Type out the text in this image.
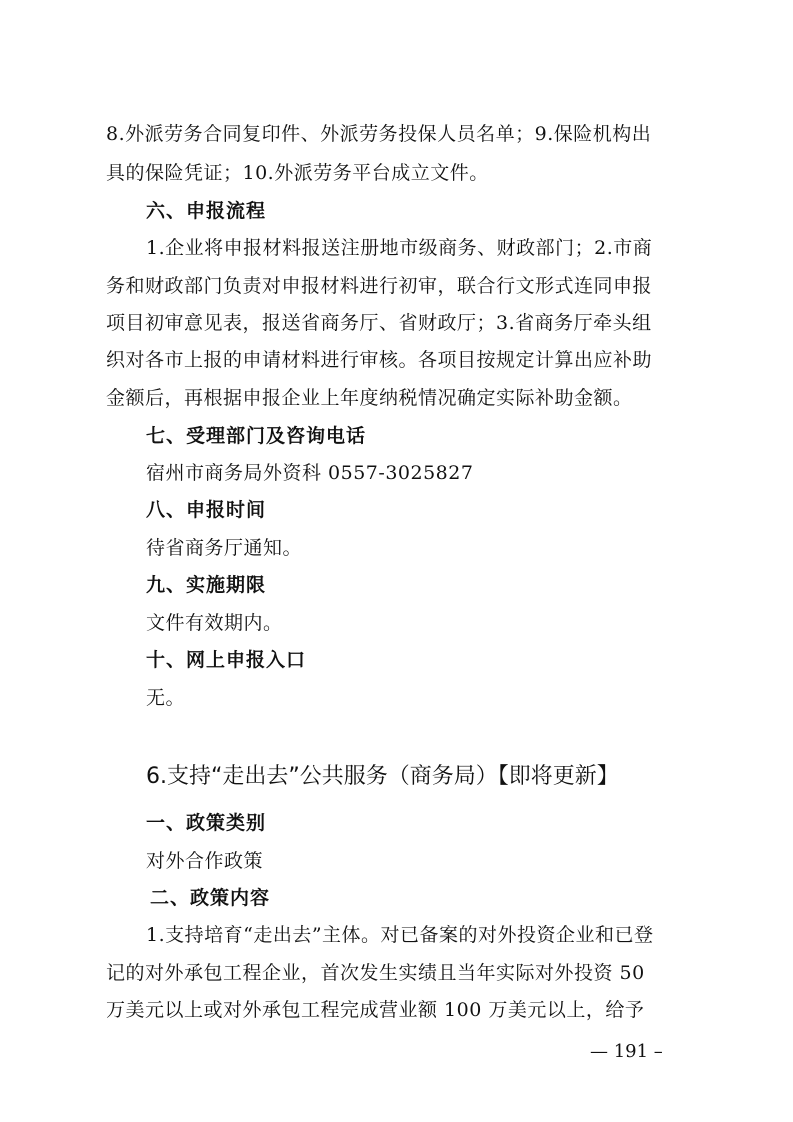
8.外派劳务合同复印件、外派劳务投保人员名单；9.保险机构出
具的保险凭证；10.外派劳务平台成立文件。
六、申报流程
1.企业将申报材料报送注册地市级商务、财政部门；2.市商
务和财政部门负责对申报材料进行初审，联合行文形式连同申报
项目初审意见表，报送省商务厅、省财政厅；3.省商务厅牵头组
织对各市上报的申请材料进行审核。各项目按规定计算出应补助
金额后，再根据申报企业上年度纳税情况确定实际补助金额。
七、受理部门及咨询电话
宿州市商务局外资科 0557-3025827
八、申报时间
待省商务厅通知。
九、实施期限
文件有效期内。
十、网上申报入口
无。
6.支持“走出去”公共服务（商务局）【即将更新】
一、政策类别
对外合作政策
二、政策内容
1.支持培育“走出去”主体。对已备案的对外投资企业和已登
记的对外承包工程企业，首次发生实绩且当年实际对外投资 50
万美元以上或对外承包工程完成营业额 100 万美元以上，给予
— 191 –
